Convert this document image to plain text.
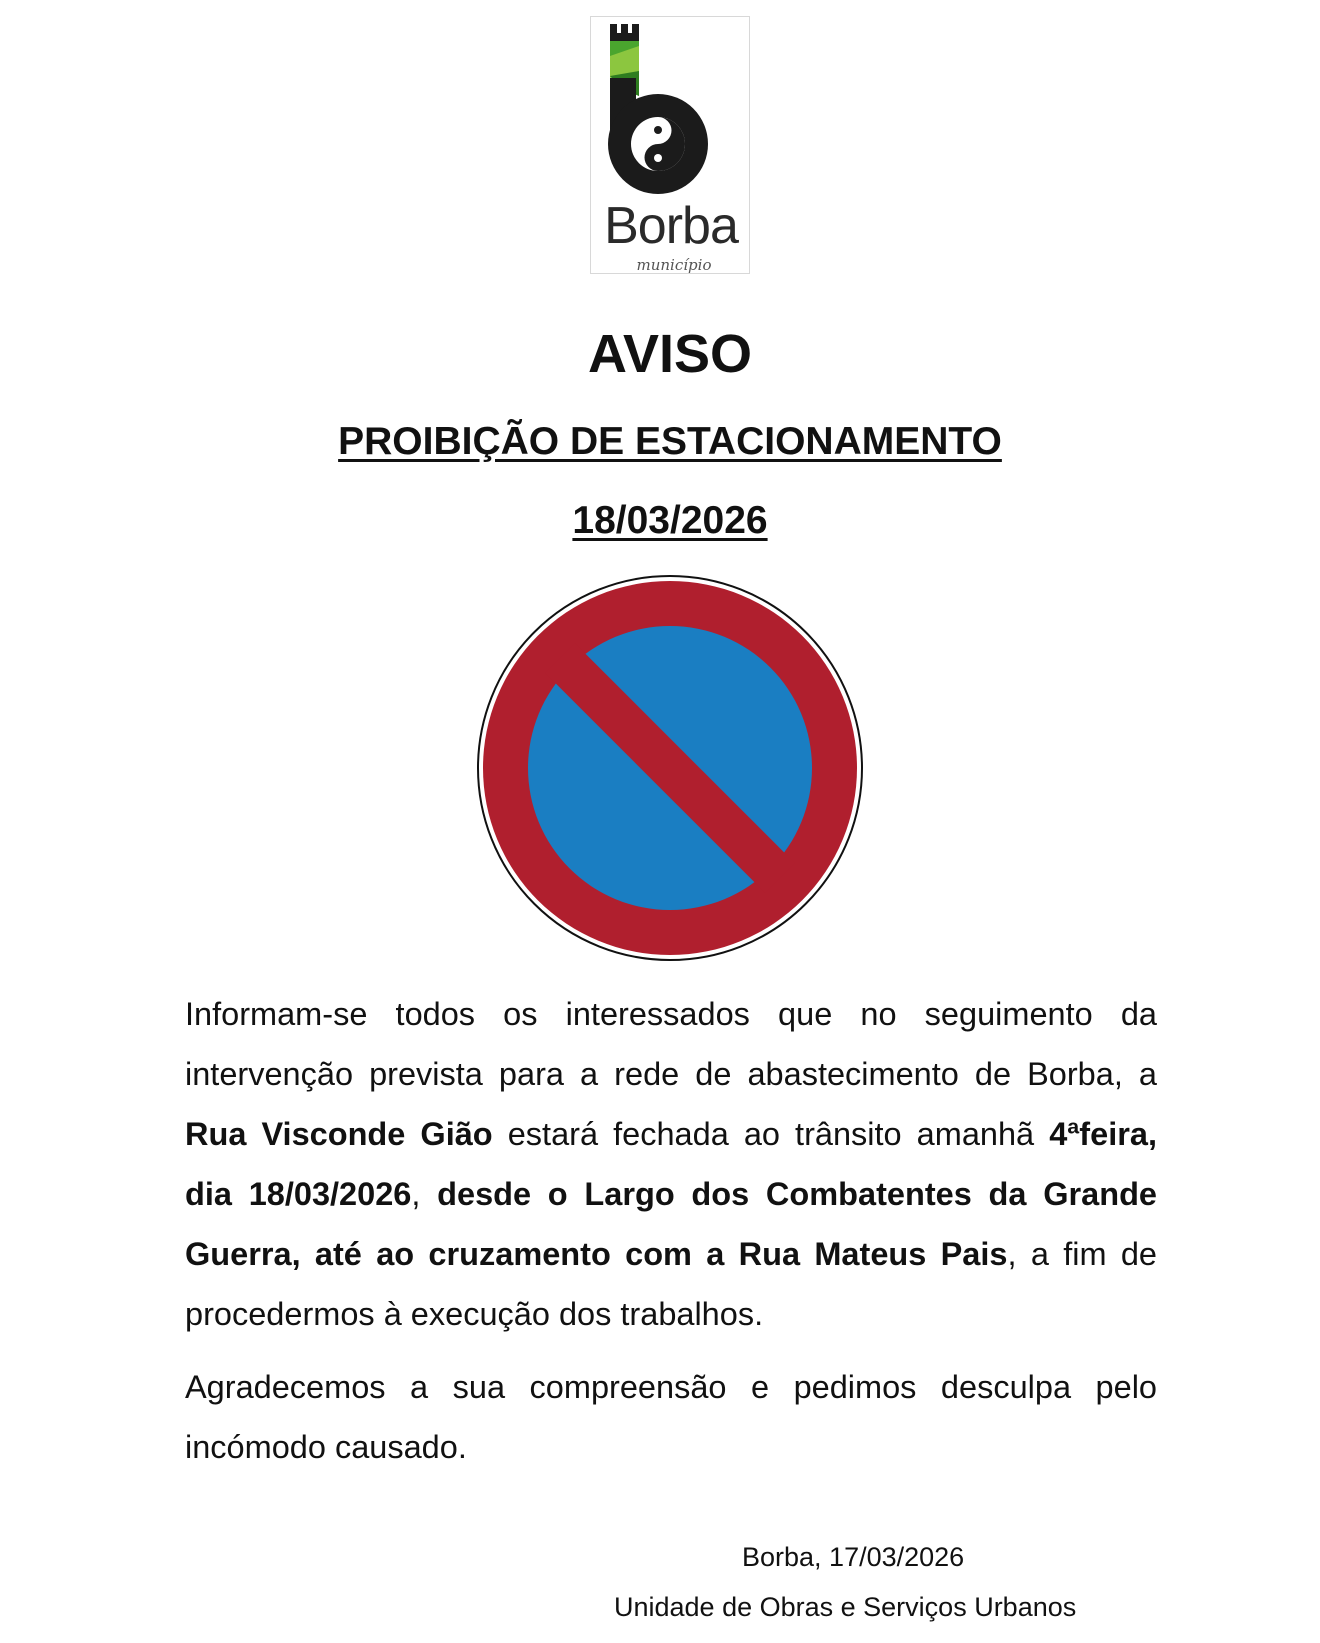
Borba
município
AVISO
PROIBIÇÃO DE ESTACIONAMENTO
18/03/2026

Informam-se todos os interessados que no seguimento da intervenção prevista para a rede de abastecimento de Borba, a Rua Visconde Gião estará fechada ao trânsito amanhã 4ªfeira, dia 18/03/2026, desde o Largo dos Combatentes da Grande Guerra, até ao cruzamento com a Rua Mateus Pais, a fim de procedermos à execução dos trabalhos.

Agradecemos a sua compreensão e pedimos desculpa pelo incómodo causado.

Borba, 17/03/2026
Unidade de Obras e Serviços Urbanos
